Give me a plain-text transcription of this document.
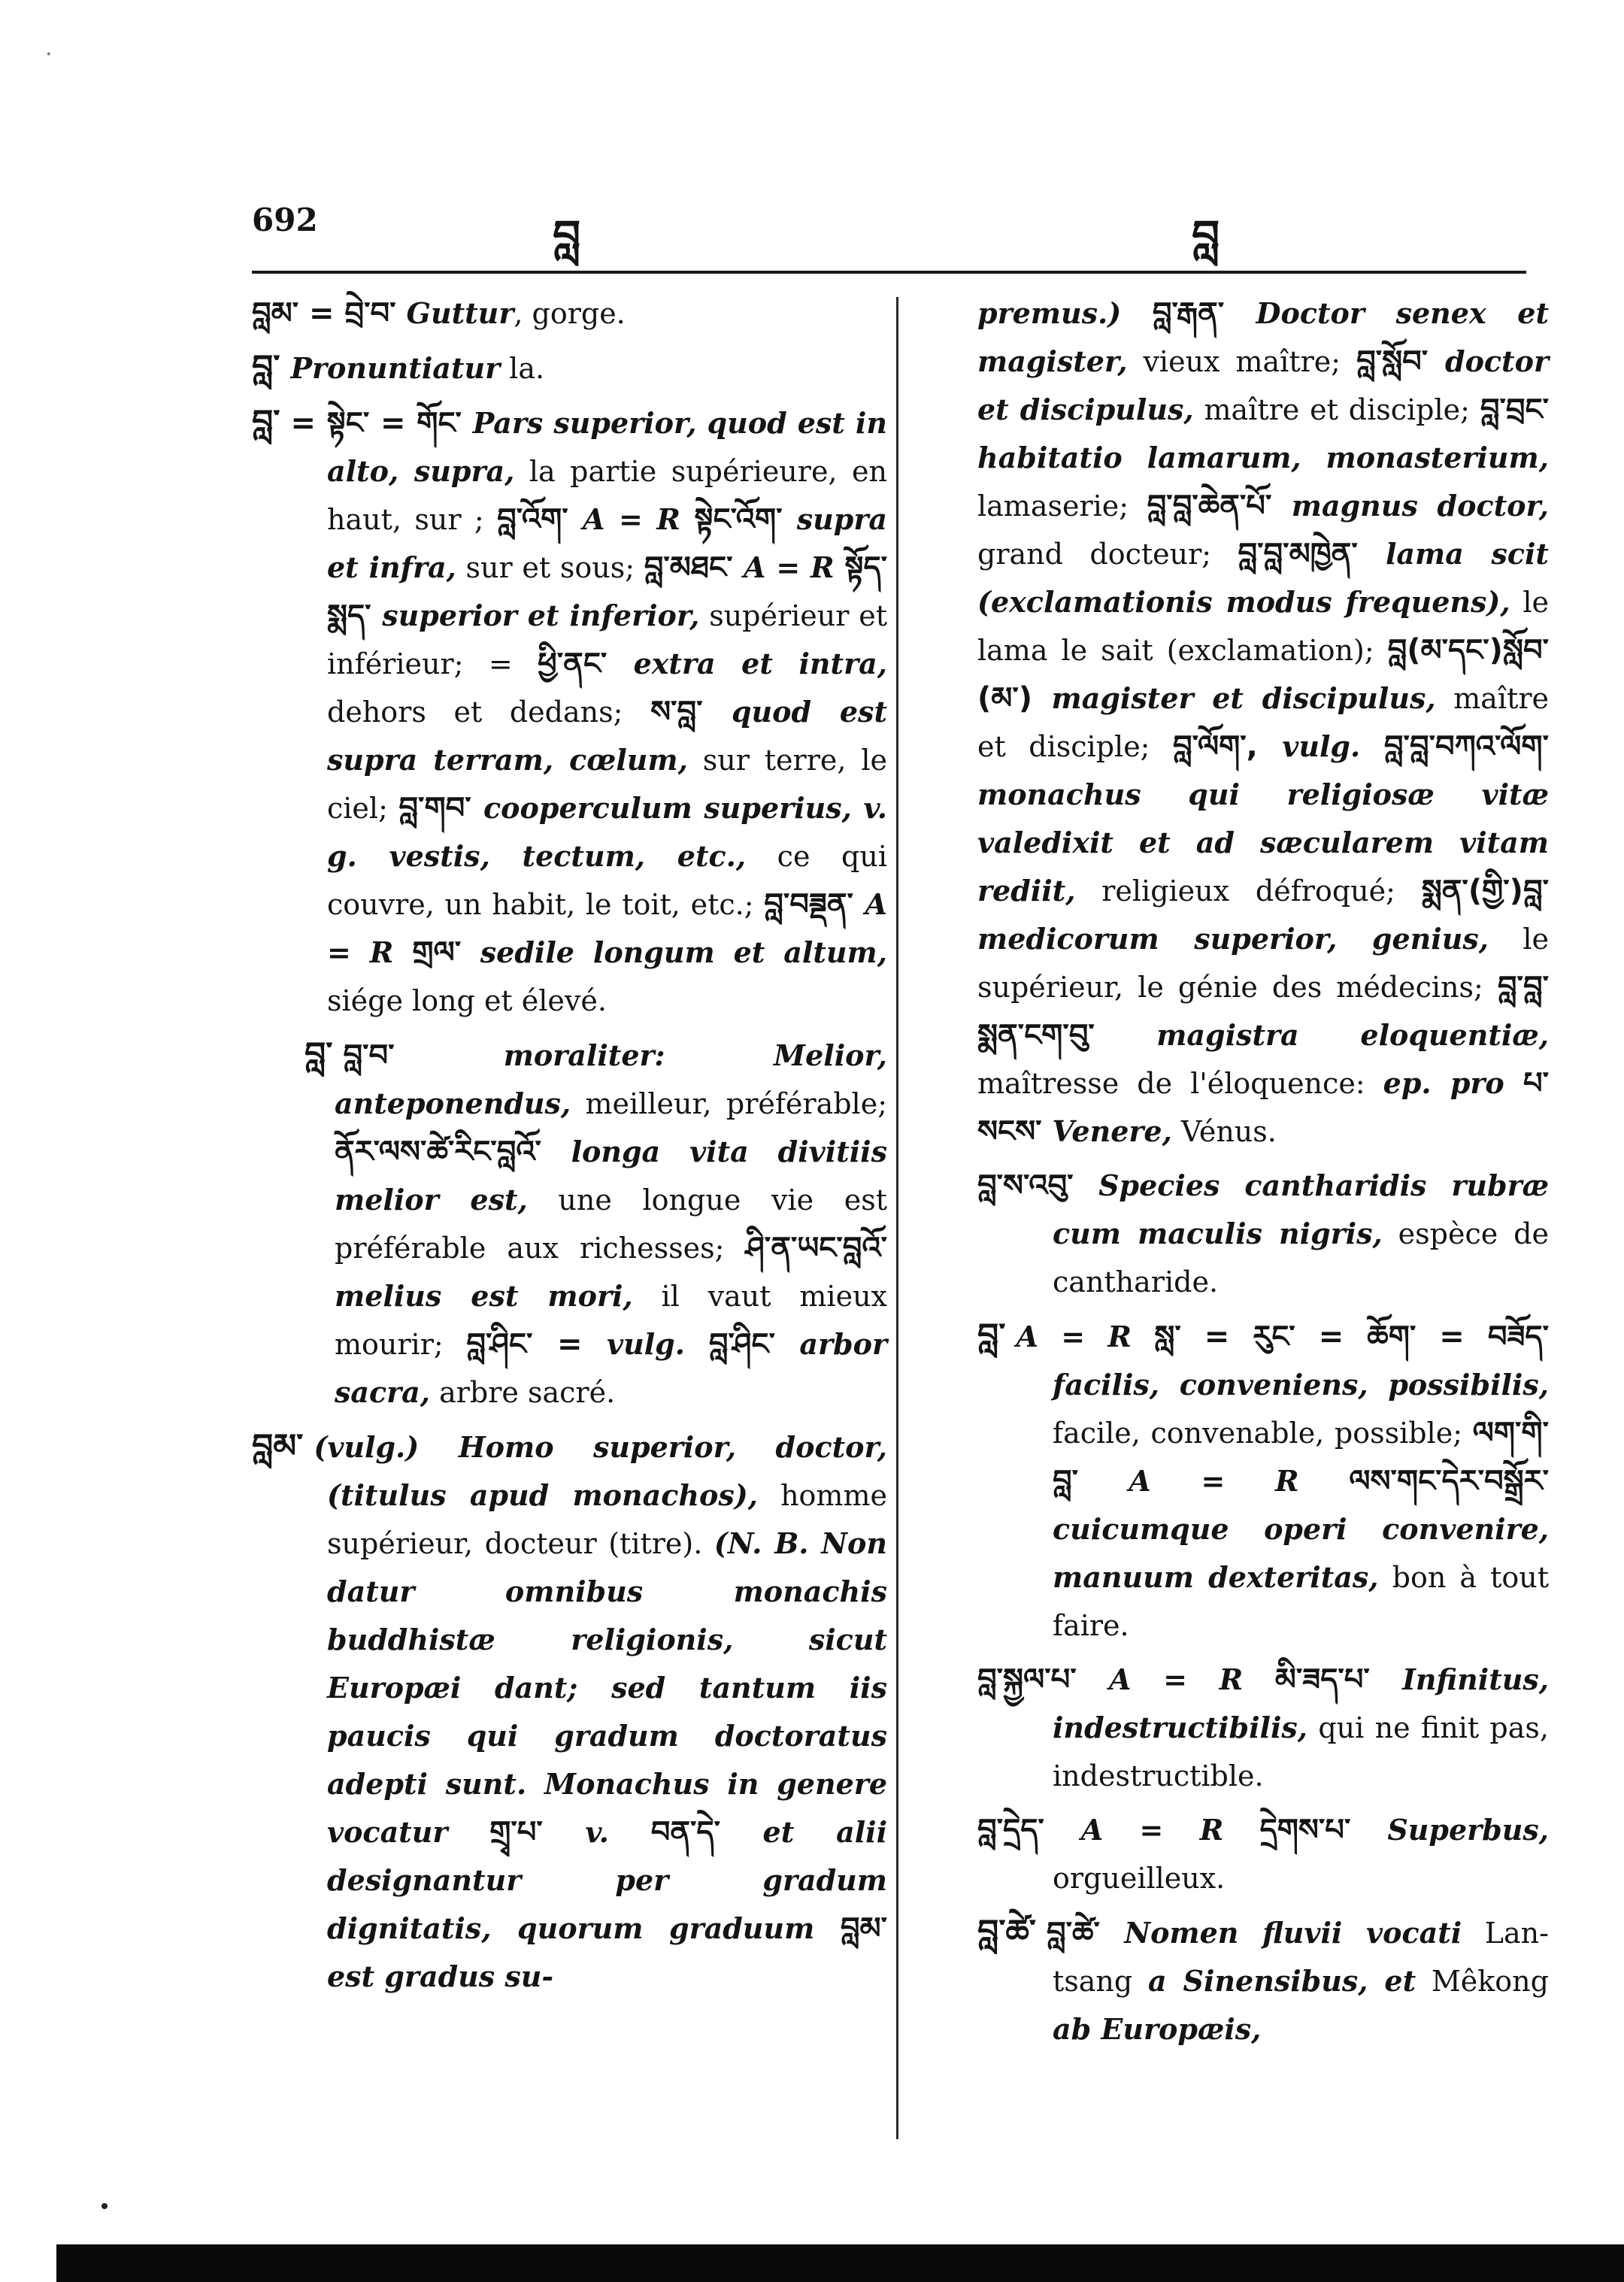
·
692	བླ	བླ

བླམ་ = བྲེ་བ་ Guttur, gorge.

བླ་ Pronuntiatur la.

བླ་ = སྟེང་ = གོང་ Pars superior, quod est in alto, supra, la partie supérieure, en haut, sur ; བླ་འོག་ A = R སྟེང་འོག་ supra et infra, sur et sous; བླ་མཐང་ A = R སྟོད་སྨད་ superior et inferior, supérieur et inférieur; = ཕྱི་ནང་ extra et intra, dehors et dedans; ས་བླ་ quod est supra terram, cœlum, sur terre, le ciel; བླ་གབ་ cooperculum superius, v. g. vestis, tectum, etc., ce qui couvre, un habit, le toit, etc.; བླ་བཟྡན་ A = R གྲལ་ sedile longum et altum, siége long et élevé.

བླ་ བླ་བ་ moraliter: Melior, anteponendus, meilleur, préférable; ནོར་ལས་ཚེ་རིང་བླའོ་ longa vita divitiis melior est, une longue vie est préférable aux richesses; ཤི་ན་ཡང་བླའོ་ melius est mori, il vaut mieux mourir; བླ་ཤིང་ = vulg. བླ་ཤིང་ arbor sacra, arbre sacré.

བླམ་ (vulg.) Homo superior, doctor, (titulus apud monachos), homme supérieur, docteur (titre). (N. B. Non datur omnibus monachis buddhistæ religionis, sicut Europæi dant; sed tantum iis paucis qui gradum doctoratus adepti sunt. Monachus in genere vocatur གྲྭ་པ་ v. བན་དེ་ et alii designantur per gradum dignitatis, quorum graduum བླམ་ est gradus su-

premus.) བླ་རྒན་ Doctor senex et magister, vieux maître; བླ་སློབ་ doctor et discipulus, maître et disciple; བླ་བྲང་ habitatio lamarum, monasterium, lamaserie; བླ་བླ་ཆེན་པོ་ magnus doctor, grand docteur; བླ་བླ་མཁྱེན་ lama scit (exclamationis modus frequens), le lama le sait (exclamation); བླ(མ་དང་)སློབ་(མ་) magister et discipulus, maître et disciple; བླ་ལོག་, vulg. བླ་བླ་བཀའ་ལོག་ monachus qui religiosæ vitæ valedixit et ad sæcularem vitam rediit, religieux défroqué; སྨན་(གྱི་)བླ་ medicorum superior, genius, le supérieur, le génie des médecins; བླ་བླ་སྨན་ངག་བུ་ magistra eloquentiæ, maîtresse de l'éloquence: ep. pro པ་སངས་ Venere, Vénus.

བླ་ས་འབུ་ Species cantharidis rubræ cum maculis nigris, espèce de cantharide.

བླ་ A = R སླ་ = རུང་ = ཆོག་ = བཟོད་ facilis, conveniens, possibilis, facile, convenable, possible; ལག་གི་བླ་ A = R ལས་གང་དེར་བསྒྲོར་ cuicumque operi convenire, manuum dexteritas, bon à tout faire.

བླ་སྐྱལ་པ་ A = R མི་ཟད་པ་ Infinitus, indestructibilis, qui ne finit pas, indestructible.

བླ་དྲེད་ A = R དྲེགས་པ་ Superbus, orgueilleux.

བླ་ཚེ་ བླ་ཚེ་ Nomen fluvii vocati Lan-tsang a Sinensibus, et Mêkong ab Europæis,
